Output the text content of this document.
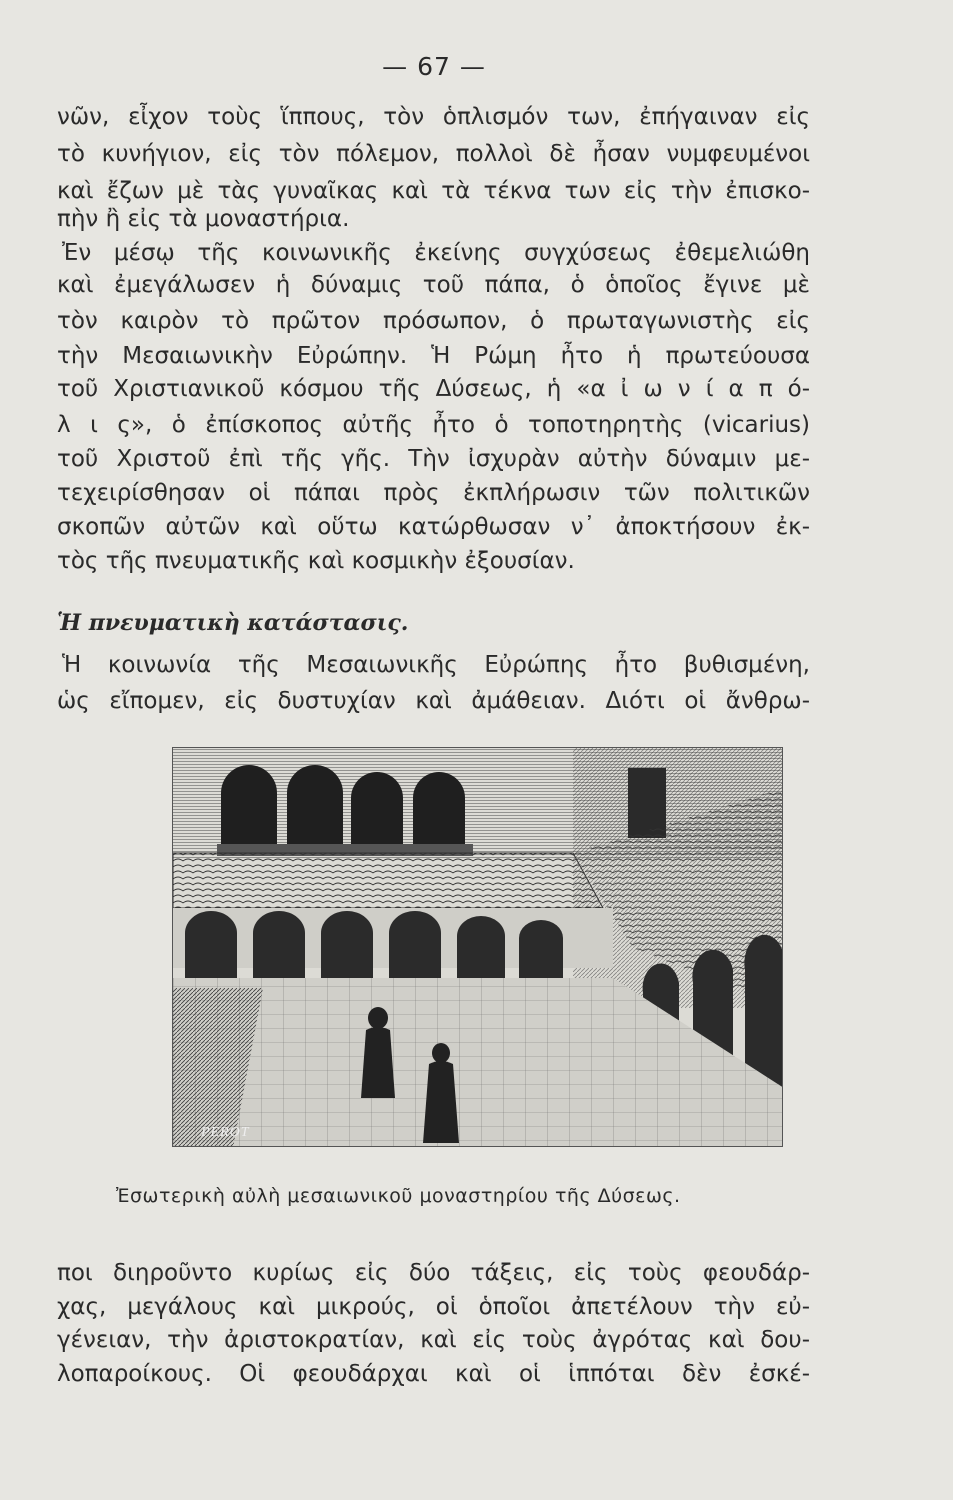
— 67 —
νῶν, εἶχον τοὺς ἵππους, τὸν ὁπλισμόν των, ἐπήγαιναν εἰς
τὸ κυνήγιον, εἰς τὸν πόλεμον, πολλοὶ δὲ ἦσαν νυμφευμένοι
καὶ ἔζων μὲ τὰς γυναῖκας καὶ τὰ τέκνα των εἰς τὴν ἐπισκο-
πὴν ἢ εἰς τὰ μοναστήρια.
Ἐν μέσῳ τῆς κοινωνικῆς ἐκείνης συγχύσεως ἐθεμελιώθη
καὶ ἐμεγάλωσεν ἡ δύναμις τοῦ πάπα, ὁ ὁποῖος ἔγινε μὲ
τὸν καιρὸν τὸ πρῶτον πρόσωπον, ὁ πρωταγωνιστὴς εἰς
τὴν Μεσαιωνικὴν Εὐρώπην. Ἡ Ρώμη ἦτο ἡ πρωτεύουσα
τοῦ Χριστιανικοῦ κόσμου τῆς Δύσεως, ἡ «α ἰ ω ν ί α π ό-
λ ι ς», ὁ ἐπίσκοπος αὐτῆς ἦτο ὁ τοποτηρητὴς (vicarius)
τοῦ Χριστοῦ ἐπὶ τῆς γῆς. Τὴν ἰσχυρὰν αὐτὴν δύναμιν με-
τεχειρίσθησαν οἱ πάπαι πρὸς ἐκπλήρωσιν τῶν πολιτικῶν
σκοπῶν αὐτῶν καὶ οὕτω κατώρθωσαν ν᾿ ἀποκτήσουν ἐκ-
τὸς τῆς πνευματικῆς καὶ κοσμικὴν ἐξουσίαν.
Ἡ πνευματικὴ κατάστασις.
Ἡ κοινωνία τῆς Μεσαιωνικῆς Εὐρώπης ἦτο βυθισμένη,
ὡς εἴπομεν, εἰς δυστυχίαν καὶ ἀμάθειαν. Διότι οἱ ἄνθρω-
PEROT
Ἐσωτερικὴ αὐλὴ μεσαιωνικοῦ μοναστηρίου τῆς Δύσεως.
ποι διηροῦντο κυρίως εἰς δύο τάξεις, εἰς τοὺς φεουδάρ-
χας, μεγάλους καὶ μικρούς, οἱ ὁποῖοι ἀπετέλουν τὴν εὐ-
γένειαν, τὴν ἀριστοκρατίαν, καὶ εἰς τοὺς ἀγρότας καὶ δου-
λοπαροίκους. Οἱ φεουδάρχαι καὶ οἱ ἱππόται δὲν ἐσκέ-
